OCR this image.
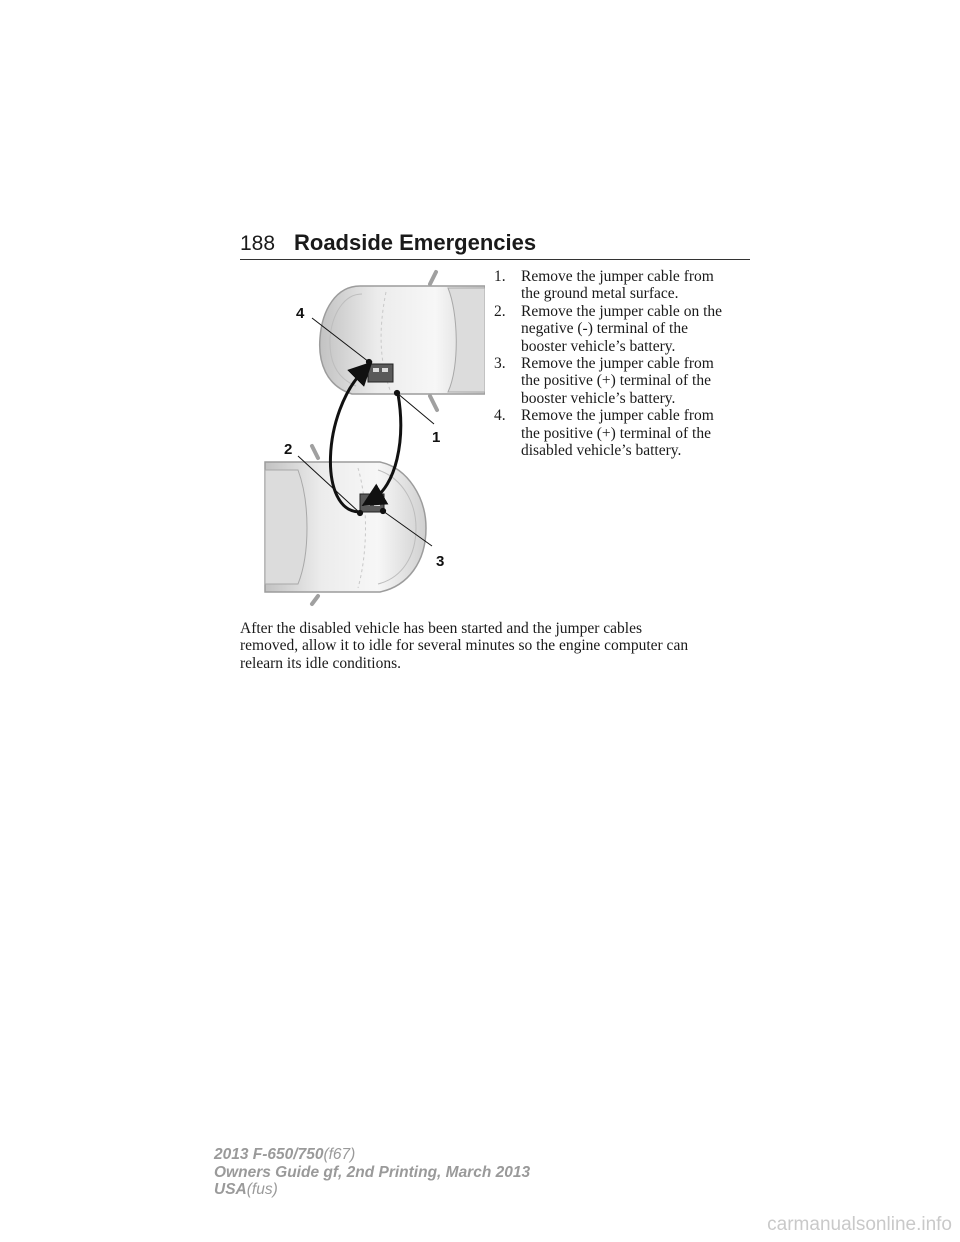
188 Roadside Emergencies
4
1
2
3
1. Remove the jumper cable from
the ground metal surface.
2. Remove the jumper cable on the
negative (-) terminal of the
booster vehicle’s battery.
3. Remove the jumper cable from
the positive (+) terminal of the
booster vehicle’s battery.
4. Remove the jumper cable from
the positive (+) terminal of the
disabled vehicle’s battery.

After the disabled vehicle has been started and the jumper cables
removed, allow it to idle for several minutes so the engine computer can
relearn its idle conditions.

2013 F-650/750(f67)
Owners Guide gf, 2nd Printing, March 2013
USA(fus)
carmanualsonline.info
